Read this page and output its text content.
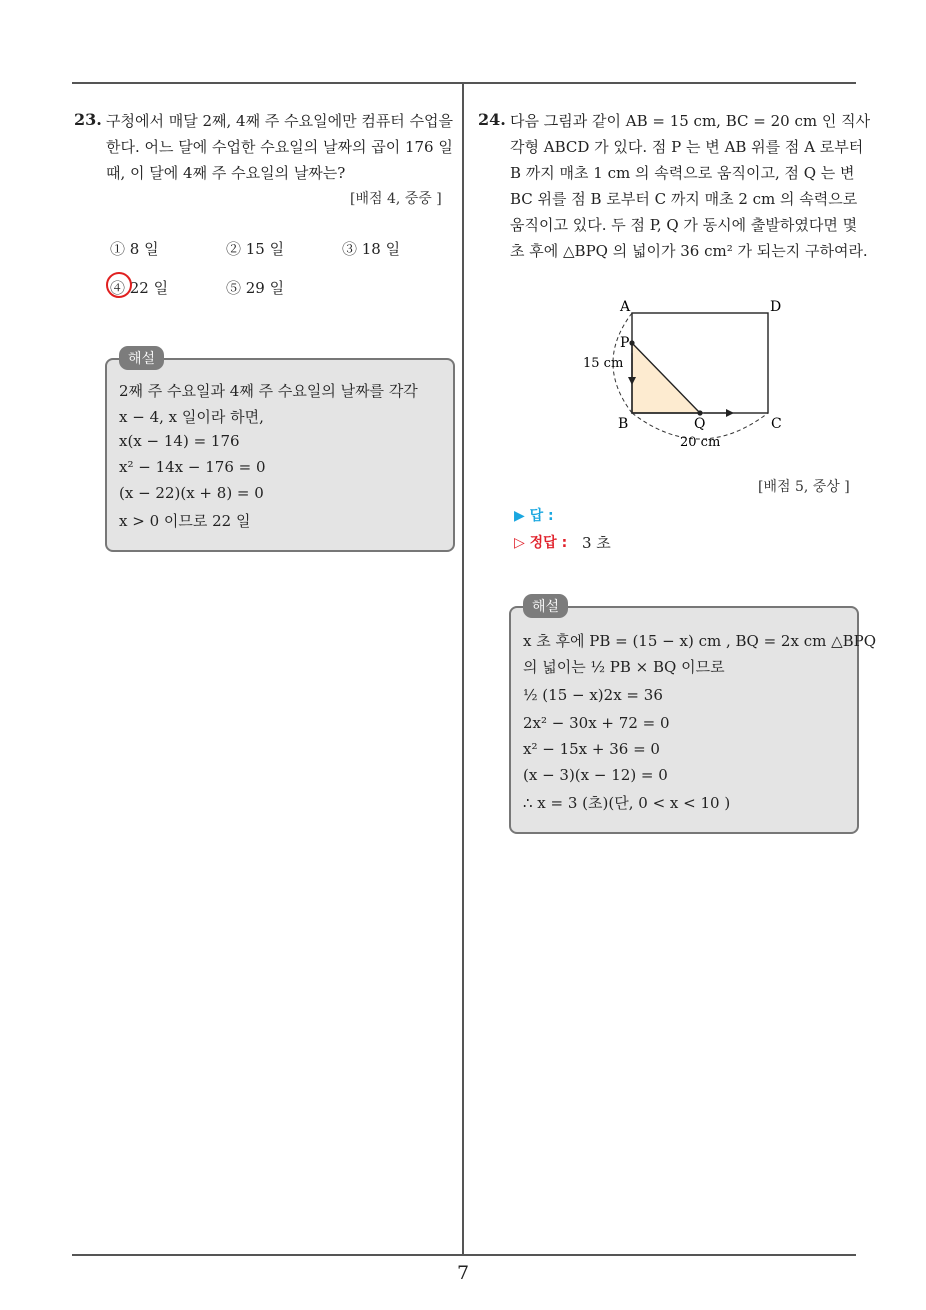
23. 구청에서 매달 2째, 4째 주 수요일에만 컴퓨터 수업을
한다. 어느 달에 수업한 수요일의 날짜의 곱이 176 일
때, 이 달에 4째 주 수요일의 날짜는?
[배점 4, 중중 ]
① 8 일	② 15 일	③ 18 일
④ 22 일	⑤ 29 일
해설
2째 주 수요일과 4째 주 수요일의 날짜를 각각
x − 4, x 일이라 하면,
x(x − 14) = 176
x² − 14x − 176 = 0
(x − 22)(x + 8) = 0
x > 0 이므로 22 일
24. 다음 그림과 같이 AB = 15 cm, BC = 20 cm 인 직사
각형 ABCD 가 있다. 점 P 는 변 AB 위를 점 A 로부터
B 까지 매초 1 cm 의 속력으로 움직이고, 점 Q 는 변
BC 위를 점 B 로부터 C 까지 매초 2 cm 의 속력으로
움직이고 있다. 두 점 P, Q 가 동시에 출발하였다면 몇
초 후에 △BPQ 의 넓이가 36 cm² 가 되는지 구하여라.
A	D
B	C
P
Q
15 cm
20 cm
[배점 5, 중상 ]
▶ 답 :
▷ 정답 : 3 초
해설
x 초 후에 PB = (15 − x) cm , BQ = 2x cm △BPQ
의 넓이는 ½ PB × BQ 이므로
½ (15 − x)2x = 36
2x² − 30x + 72 = 0
x² − 15x + 36 = 0
(x − 3)(x − 12) = 0
∴ x = 3 (초)(단, 0 < x < 10 )
7
